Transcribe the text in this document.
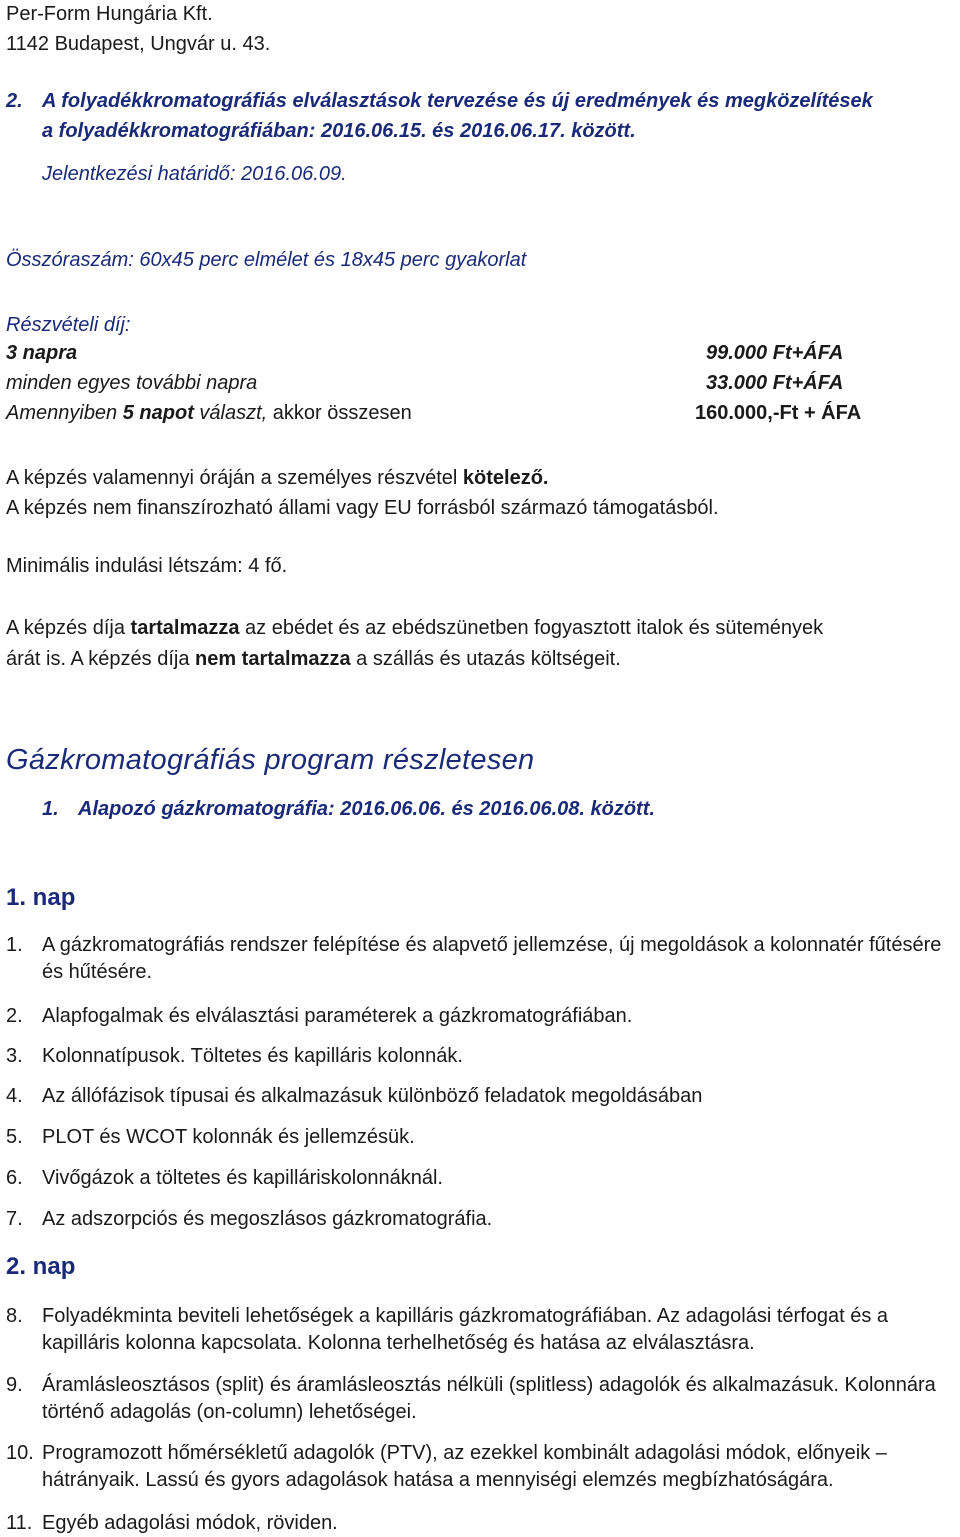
Per-Form Hungária Kft.
1142 Budapest, Ungvár u. 43.
2. A folyadékkromatográfiás elválasztások tervezése és új eredmények és megközelítések
a folyadékkromatográfiában: 2016.06.15. és 2016.06.17. között.
Jelentkezési határidő: 2016.06.09.
Összóraszám: 60x45 perc elmélet és 18x45 perc gyakorlat
Részvételi díj:
3 napra	99.000 Ft+ÁFA
minden egyes további napra	33.000 Ft+ÁFA
Amennyiben 5 napot választ, akkor összesen	160.000,-Ft + ÁFA
A képzés valamennyi óráján a személyes részvétel kötelező.
A képzés nem finanszírozható állami vagy EU forrásból származó támogatásból.
Minimális indulási létszám: 4 fő.
A képzés díja tartalmazza az ebédet és az ebédszünetben fogyasztott italok és sütemények
árát is. A képzés díja nem tartalmazza a szállás és utazás költségeit.
Gázkromatográfiás program részletesen
1. Alapozó gázkromatográfia: 2016.06.06. és 2016.06.08. között.
1. nap
1. A gázkromatográfiás rendszer felépítése és alapvető jellemzése, új megoldások a kolonnatér fűtésére és hűtésére.
2. Alapfogalmak és elválasztási paraméterek a gázkromatográfiában.
3. Kolonnatípusok. Töltetes és kapilláris kolonnák.
4. Az állófázisok típusai és alkalmazásuk különböző feladatok megoldásában
5. PLOT és WCOT kolonnák és jellemzésük.
6. Vivőgázok a töltetes és kapilláriskolonnáknál.
7. Az adszorpciós és megoszlásos gázkromatográfia.
2. nap
8. Folyadékminta beviteli lehetőségek a kapilláris gázkromatográfiában. Az adagolási térfogat és a kapilláris kolonna kapcsolata. Kolonna terhelhetőség és hatása az elválasztásra.
9. Áramlásleosztásos (split) és áramlásleosztás nélküli (splitless) adagolók és alkalmazásuk. Kolonnára történő adagolás (on-column) lehetőségei.
10. Programozott hőmérsékletű adagolók (PTV), az ezekkel kombinált adagolási módok, előnyeik – hátrányaik. Lassú és gyors adagolások hatása a mennyiségi elemzés megbízhatóságára.
11. Egyéb adagolási módok, röviden.
